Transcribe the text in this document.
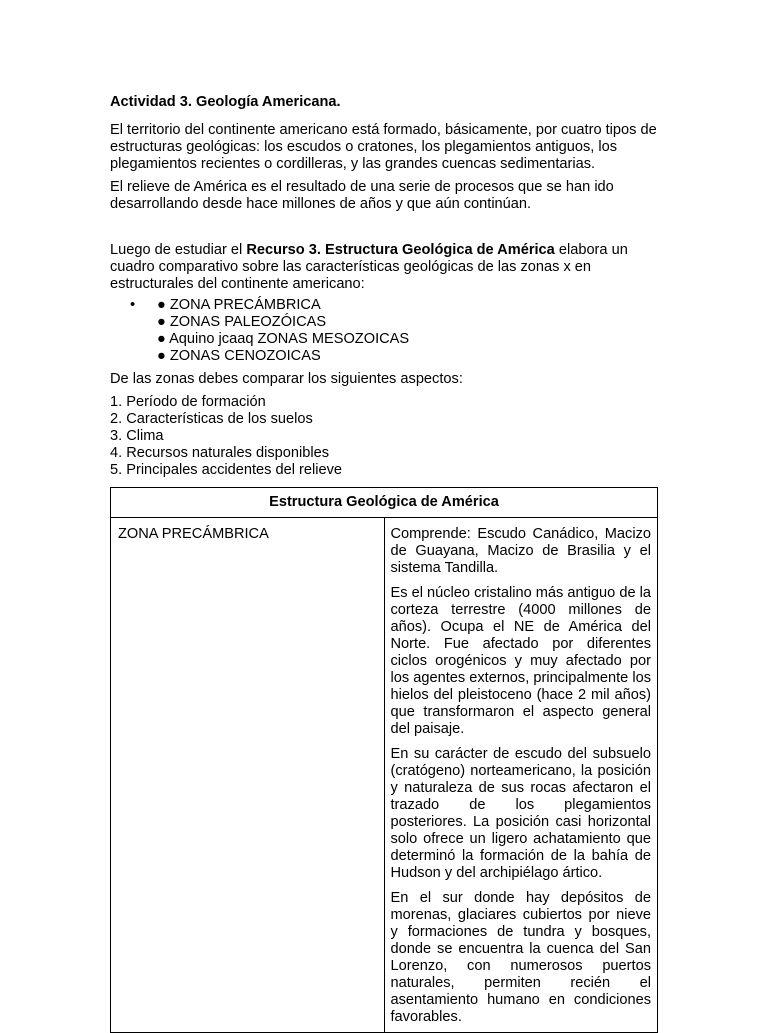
Actividad 3. Geología Americana.

El territorio del continente americano está formado, básicamente, por cuatro tipos de estructuras geológicas: los escudos o cratones, los plegamientos antiguos, los plegamientos recientes o cordilleras, y las grandes cuencas sedimentarias.

El relieve de América es el resultado de una serie de procesos que se han ido desarrollando desde hace millones de años y que aún continúan.

Luego de estudiar el Recurso 3. Estructura Geológica de América elabora un cuadro comparativo sobre las características geológicas de las zonas x en estructurales del continente americano:

• ● ZONA PRECÁMBRICA
● ZONAS PALEOZÓICAS
● Aquino jcaaq ZONAS MESOZOICAS
● ZONAS CENOZOICAS

De las zonas debes comparar los siguientes aspectos:

1. Período de formación
2. Características de los suelos
3. Clima
4. Recursos naturales disponibles
5. Principales accidentes del relieve
Estructura Geológica de América
ZONA PRECÁMBRICA	Comprende: Escudo Canádico, Macizo de Guayana, Macizo de Brasilia y el sistema Tandilla.

Es el núcleo cristalino más antiguo de la corteza terrestre (4000 millones de años). Ocupa el NE de América del Norte. Fue afectado por diferentes ciclos orogénicos y muy afectado por los agentes externos, principalmente los hielos del pleistoceno (hace 2 mil años) que transformaron el aspecto general del paisaje.

En su carácter de escudo del subsuelo (cratógeno) norteamericano, la posición y naturaleza de sus rocas afectaron el trazado de los plegamientos posteriores. La posición casi horizontal solo ofrece un ligero achatamiento que determinó la formación de la bahía de Hudson y del archipiélago ártico.

En el sur donde hay depósitos de morenas, glaciares cubiertos por nieve y formaciones de tundra y bosques, donde se encuentra la cuenca del San Lorenzo, con numerosos puertos naturales, permiten recién el asentamiento humano en condiciones favorables.
